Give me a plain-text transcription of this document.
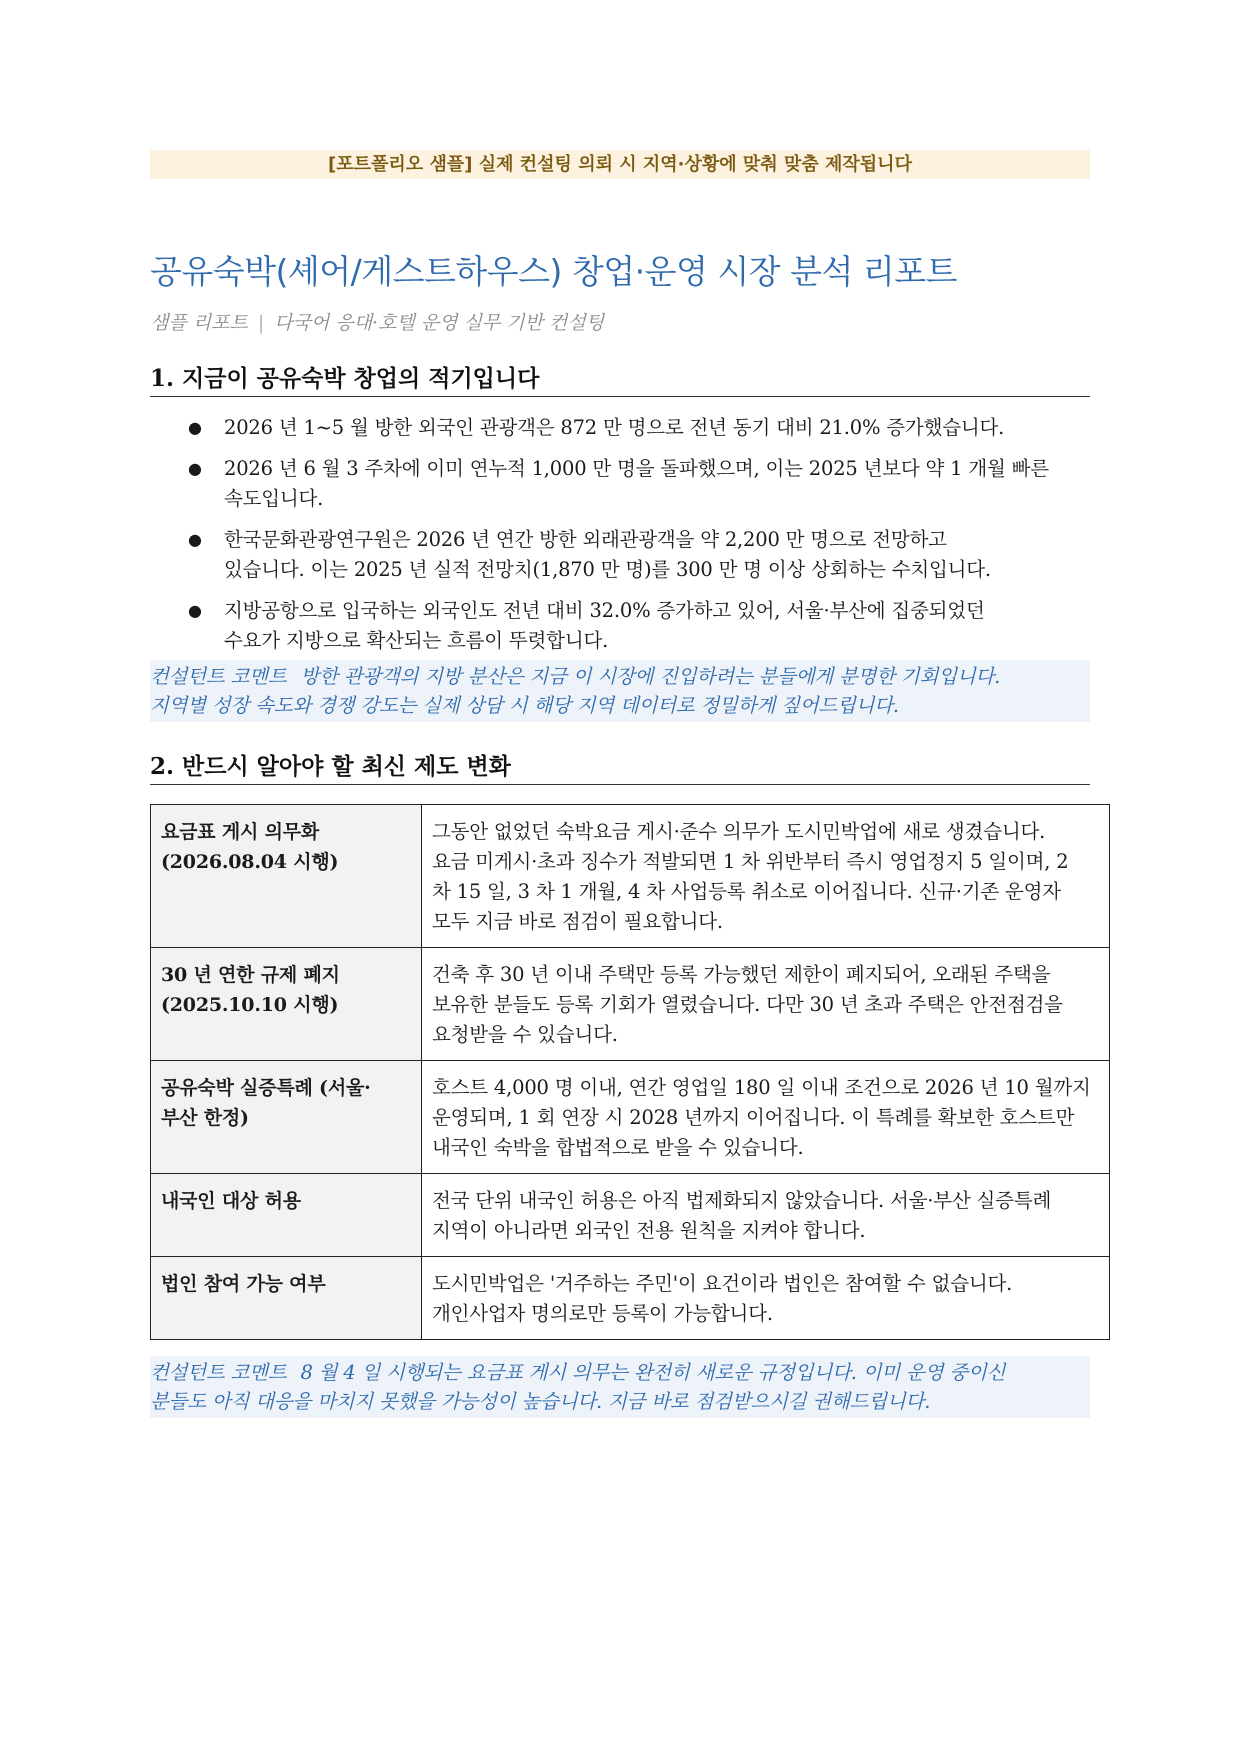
[포트폴리오 샘플] 실제 컨설팅 의뢰 시 지역·상황에 맞춰 맞춤 제작됩니다
공유숙박(셰어/게스트하우스) 창업·운영 시장 분석 리포트

샘플 리포트 | 다국어 응대·호텔 운영 실무 기반 컨설팅

1. 지금이 공유숙박 창업의 적기입니다
● 2026 년 1~5 월 방한 외국인 관광객은 872 만 명으로 전년 동기 대비 21.0% 증가했습니다.
● 2026 년 6 월 3 주차에 이미 연누적 1,000 만 명을 돌파했으며, 이는 2025 년보다 약 1 개월 빠른
속도입니다.
● 한국문화관광연구원은 2026 년 연간 방한 외래관광객을 약 2,200 만 명으로 전망하고
있습니다. 이는 2025 년 실적 전망치(1,870 만 명)를 300 만 명 이상 상회하는 수치입니다.
● 지방공항으로 입국하는 외국인도 전년 대비 32.0% 증가하고 있어, 서울·부산에 집중되었던
수요가 지방으로 확산되는 흐름이 뚜렷합니다.
컨설턴트 코멘트 방한 관광객의 지방 분산은 지금 이 시장에 진입하려는 분들에게 분명한 기회입니다.
지역별 성장 속도와 경쟁 강도는 실제 상담 시 해당 지역 데이터로 정밀하게 짚어드립니다.
2. 반드시 알아야 할 최신 제도 변화
요금표 게시 의무화
(2026.08.04 시행)	그동안 없었던 숙박요금 게시·준수 의무가 도시민박업에 새로 생겼습니다.
요금 미게시·초과 징수가 적발되면 1 차 위반부터 즉시 영업정지 5 일이며, 2
차 15 일, 3 차 1 개월, 4 차 사업등록 취소로 이어집니다. 신규·기존 운영자
모두 지금 바로 점검이 필요합니다.
30 년 연한 규제 폐지
(2025.10.10 시행)	건축 후 30 년 이내 주택만 등록 가능했던 제한이 폐지되어, 오래된 주택을
보유한 분들도 등록 기회가 열렸습니다. 다만 30 년 초과 주택은 안전점검을
요청받을 수 있습니다.
공유숙박 실증특례 (서울·
부산 한정)	호스트 4,000 명 이내, 연간 영업일 180 일 이내 조건으로 2026 년 10 월까지
운영되며, 1 회 연장 시 2028 년까지 이어집니다. 이 특례를 확보한 호스트만
내국인 숙박을 합법적으로 받을 수 있습니다.
내국인 대상 허용	전국 단위 내국인 허용은 아직 법제화되지 않았습니다. 서울·부산 실증특례
지역이 아니라면 외국인 전용 원칙을 지켜야 합니다.
법인 참여 가능 여부	도시민박업은 '거주하는 주민'이 요건이라 법인은 참여할 수 없습니다.
개인사업자 명의로만 등록이 가능합니다.
컨설턴트 코멘트 8 월 4 일 시행되는 요금표 게시 의무는 완전히 새로운 규정입니다. 이미 운영 중이신
분들도 아직 대응을 마치지 못했을 가능성이 높습니다. 지금 바로 점검받으시길 권해드립니다.
